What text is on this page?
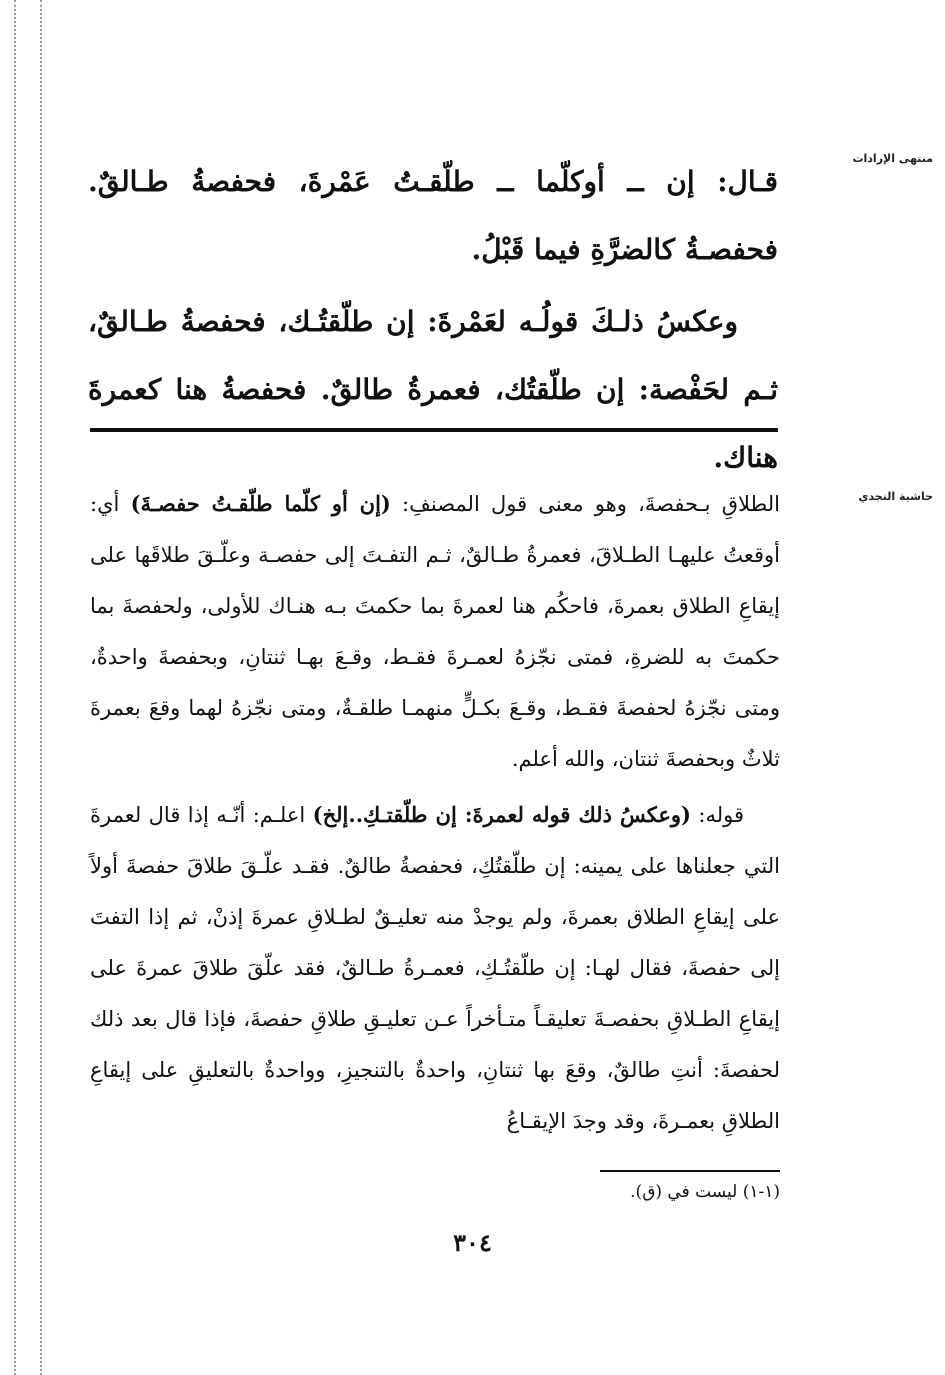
منتهى الإرادات
حاشية النجدي

قـال: إن ــ أوكلّما ــ طلّقـتُ عَمْرةَ، فحفصةُ طـالقٌ. فحفصـةُ كالضرَّةِ فيما قَبْلُ.

وعكسُ ذلـكَ قولُـه لعَمْرةَ: إن طلّقتُـك، فحفصةُ طـالقٌ، ثـم لحَفْصة: إن طلّقتُك، فعمرةُ طالقٌ. فحفصةُ هنا كعمرةَ هناك.

الطلاقِ بـحفصةَ، وهو معنى قول المصنفِ: (إن أو كلّما طلّقـتُ حفصـةَ) أي: أوقعتُ عليهـا الطـلاقَ، فعمرةُ طـالقٌ، ثـم التفـتَ إلى حفصـة وعلّـقَ طلاقَها على إيقاعِ الطلاق بعمرةَ، فاحكُم هنا لعمرةَ بما حكمتَ بـه هنـاك للأولى، ولحفصةَ بما حكمتَ به للضرةِ، فمتى نجّزهُ لعمـرةَ فقـط، وقـعَ بهـا ثنتانِ، وبحفصةَ واحدةٌ، ومتى نجّزهُ لحفصةَ فقـط، وقـعَ بكـلٍّ منهمـا طلقـةٌ، ومتى نجّزهُ لهما وقعَ بعمرةَ ثلاثٌ وبحفصةَ ثنتان، والله أعلم.

قوله: (وعكسُ ذلك قوله لعمرةَ: إن طلّقتـكِ..إلخ) اعلـم: أنّـه إذا قال لعمرةَ التي جعلناها على يمينه: إن طلّقتُكِ، فحفصةُ طالقٌ. فقـد علّـقَ طلاقَ حفصةَ أولاً على إيقاعِ الطلاق بعمرةَ، ولم يوجدْ منه تعليـقٌ لطـلاقِ عمرةَ إذنْ، ثم إذا التفتَ إلى حفصةَ، فقال لهـا: إن طلّقتُـكِ، فعمـرةُ طـالقٌ، فقد علّقَ طلاقَ عمرةَ على إيقاعِ الطـلاقِ بحفصـةَ تعليقـاً متـأخراً عـن تعليـقِ طلاقِ حفصةَ، فإذا قال بعد ذلك لحفصةَ: أنتِ طالقٌ، وقعَ بها ثنتانِ، واحدةٌ بالتنجيزِ، وواحدةٌ بالتعليقِ على إيقاعِ الطلاقِ بعمـرةَ، وقد وجدَ الإيقـاعُ

(١-١) ليست في (ق).
٣٠٤
